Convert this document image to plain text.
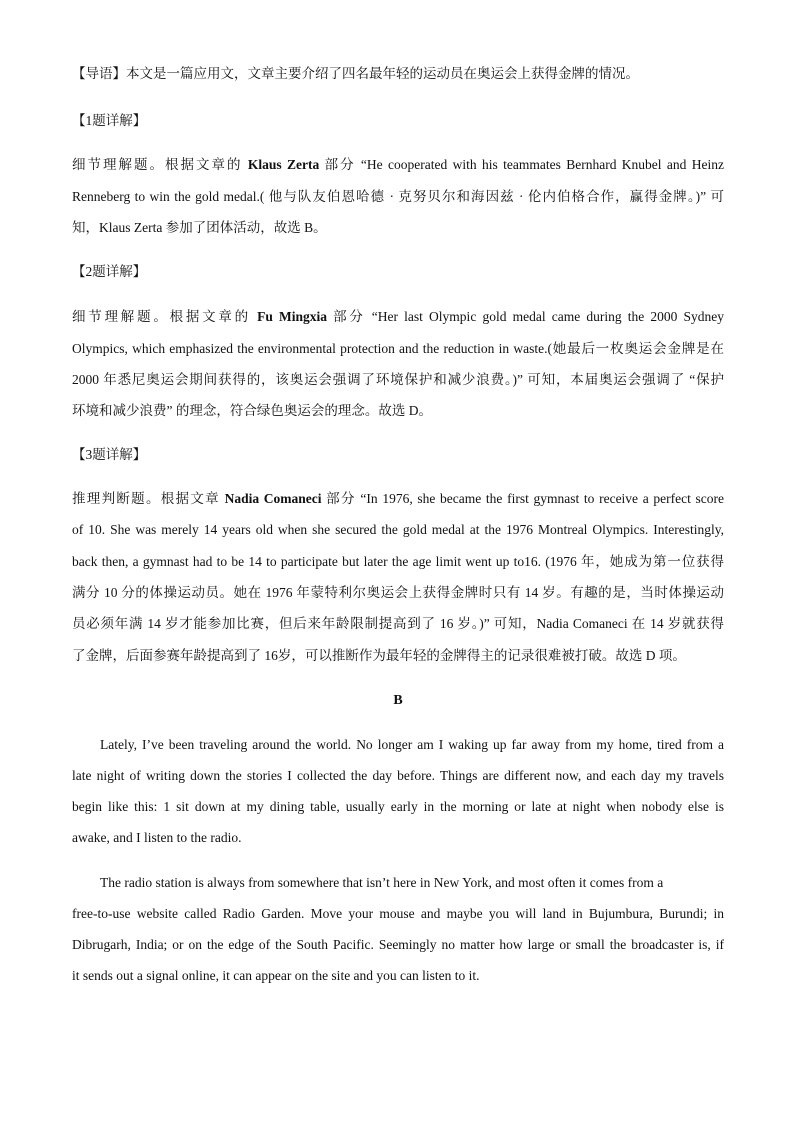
【导语】本文是一篇应用文，文章主要介绍了四名最年轻的运动员在奥运会上获得金牌的情况。
【1题详解】
细节理解题。根据文章的 Klaus Zerta 部分 “He cooperated with his teammates Bernhard Knubel and Heinz
Renneberg to win the gold medal.( 他与队友伯恩哈德 · 克努贝尔和海因兹 · 伦内伯格合作，赢得金牌。)” 可
知，Klaus Zerta 参加了团体活动，故选 B。
【2题详解】
细节理解题。根据文章的 Fu Mingxia 部分 “Her last Olympic gold medal came during the 2000 Sydney
Olympics, which emphasized the environmental protection and the reduction in waste.(她最后一枚奥运会金牌是在
2000 年悉尼奥运会期间获得的，该奥运会强调了环境保护和减少浪费。)” 可知，本届奥运会强调了 “保护
环境和减少浪费” 的理念，符合绿色奥运会的理念。故选 D。
【3题详解】
推理判断题。根据文章 Nadia Comaneci 部分 “In 1976, she became the first gymnast to receive a perfect score
of 10. She was merely 14 years old when she secured the gold medal at the 1976 Montreal Olympics. Interestingly,
back then, a gymnast had to be 14 to participate but later the age limit went up to16. (1976 年，她成为第一位获得
满分 10 分的体操运动员。她在 1976 年蒙特利尔奥运会上获得金牌时只有 14 岁。有趣的是，当时体操运动
员必须年满 14 岁才能参加比赛，但后来年龄限制提高到了 16 岁。)” 可知，Nadia Comaneci 在 14 岁就获得
了金牌，后面参赛年龄提高到了 16岁，可以推断作为最年轻的金牌得主的记录很难被打破。故选 D 项。
B
Lately, I’ve been traveling around the world. No longer am I waking up far away from my home, tired from a
late night of writing down the stories I collected the day before. Things are different now, and each day my travels
begin like this: 1 sit down at my dining table, usually early in the morning or late at night when nobody else is
awake, and I listen to the radio.
The radio station is always from somewhere that isn’t here in New York, and most often it comes from a
free-to-use website called Radio Garden. Move your mouse and maybe you will land in Bujumbura, Burundi; in
Dibrugarh, India; or on the edge of the South Pacific. Seemingly no matter how large or small the broadcaster is, if
it sends out a signal online, it can appear on the site and you can listen to it.
